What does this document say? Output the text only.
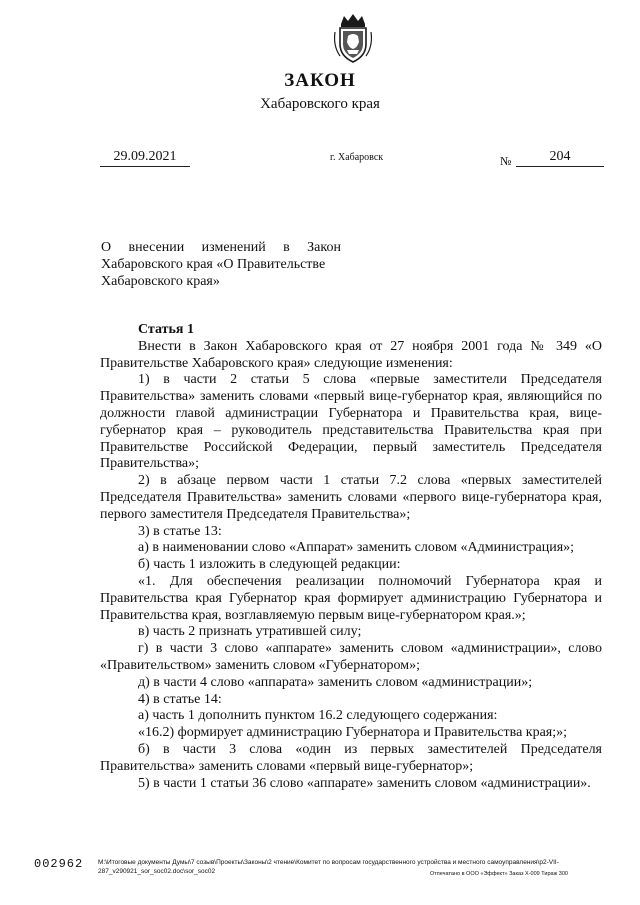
ЗАКОН
Хабаровского края
29.09.2021	г. Хабаровск	№	204
О внесении изменений в Закон
Хабаровского края «О Правительстве
Хабаровского края»

Статья 1

Внести в Закон Хабаровского края от 27 ноября 2001 года № 349 «О Правительстве Хабаровского края» следующие изменения:

1) в части 2 статьи 5 слова «первые заместители Председателя Правительства» заменить словами «первый вице-губернатор края, являющийся по должности главой администрации Губернатора и Правительства края, вице-губернатор края – руководитель представительства Правительства края при Правительстве Российской Федерации, первый заместитель Председателя Правительства»;

2) в абзаце первом части 1 статьи 7.2 слова «первых заместителей Председателя Правительства» заменить словами «первого вице-губернатора края, первого заместителя Председателя Правительства»;

3) в статье 13:

а) в наименовании слово «Аппарат» заменить словом «Администрация»;

б) часть 1 изложить в следующей редакции:

«1. Для обеспечения реализации полномочий Губернатора края и Правительства края Губернатор края формирует администрацию Губернатора и Правительства края, возглавляемую первым вице-губернатором края.»;

в) часть 2 признать утратившей силу;

г) в части 3 слово «аппарате» заменить словом «администрации», слово «Правительством» заменить словом «Губернатором»;

д) в части 4 слово «аппарата» заменить словом «администрации»;

4) в статье 14:

а) часть 1 дополнить пунктом 16.2 следующего содержания:

«16.2) формирует администрацию Губернатора и Правительства края;»;

б) в части 3 слова «один из первых заместителей Председателя Правительства» заменить словами «первый вице-губернатор»;

5) в части 1 статьи 36 слово «аппарате» заменить словом «администрации».

002962 М:\Итоговые документы Думы\7 созыв\Проекты\Законы\2 чтение\Комитет по вопросам государственного устройства и местного самоуправления\р2-VII-287_v290921_sor_soc02.doc\sor_soc02	Отпечатано в ООО «Эффект» Заказ Х-009 Тираж 300
